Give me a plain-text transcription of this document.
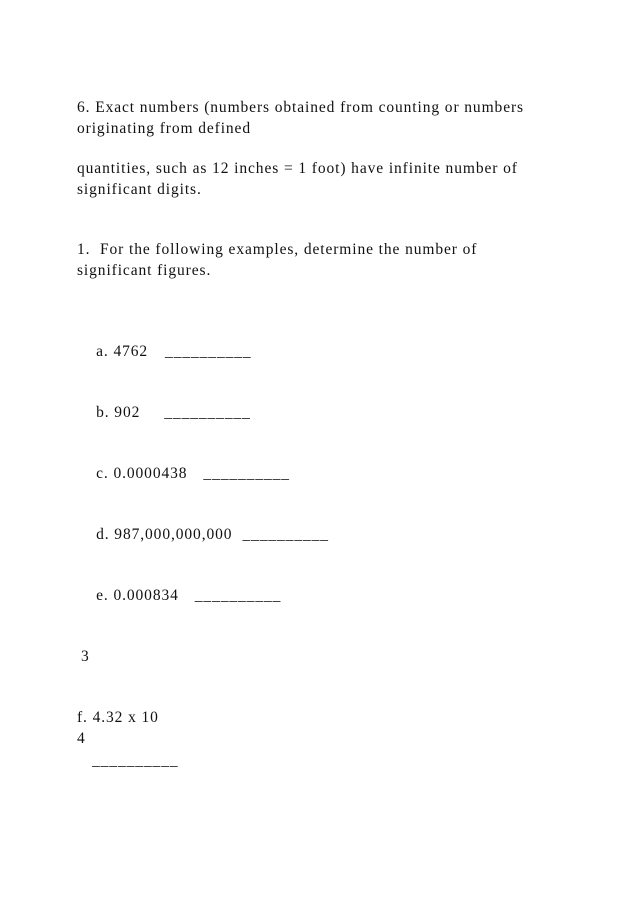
6. Exact numbers (numbers obtained from counting or numbers
originating from defined
quantities, such as 12 inches = 1 foot) have infinite number of
significant digits.
1.  For the following examples, determine the number of
significant figures.

a. 4762 __________

b. 902 __________

c. 0.0000438 __________

d. 987,000,000,000 __________

e. 0.000834 __________

3
f. 4.32 x 10
4
__________
